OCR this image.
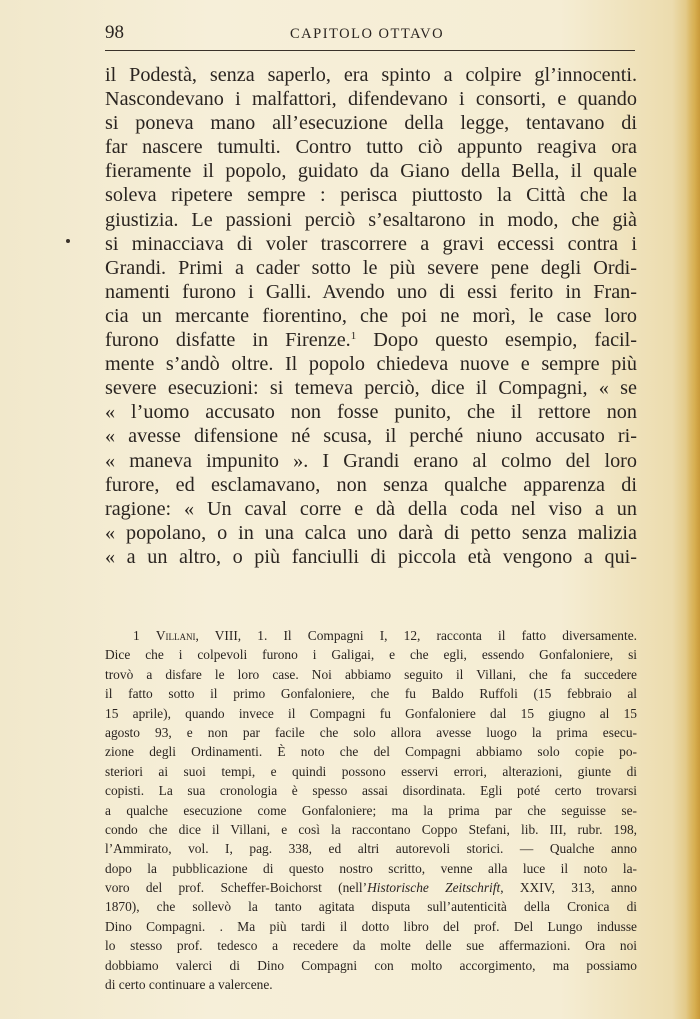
98	CAPITOLO OTTAVO
il Podestà, senza saperlo, era spinto a colpire gl’innocenti.
Nascondevano i malfattori, difendevano i consorti, e quando
si poneva mano all’esecuzione della legge, tentavano di
far nascere tumulti. Contro tutto ciò appunto reagiva ora
fieramente il popolo, guidato da Giano della Bella, il quale
soleva ripetere sempre : perisca piuttosto la Città che la
giustizia. Le passioni perciò s’esaltarono in modo, che già
si minacciava di voler trascorrere a gravi eccessi contra i
Grandi. Primi a cader sotto le più severe pene degli Ordi-
namenti furono i Galli. Avendo uno di essi ferito in Fran-
cia un mercante fiorentino, che poi ne morì, le case loro
furono disfatte in Firenze.$^1$ Dopo questo esempio, facil-
mente s’andò oltre. Il popolo chiedeva nuove e sempre più
severe esecuzioni: si temeva perciò, dice il Compagni, « se
« l’uomo accusato non fosse punito, che il rettore non
« avesse difensione né scusa, il perché niuno accusato ri-
« maneva impunito ». I Grandi erano al colmo del loro
furore, ed esclamavano, non senza qualche apparenza di
ragione: « Un caval corre e dà della coda nel viso a un
« popolano, o in una calca uno darà di petto senza malizia
« a un altro, o più fanciulli di piccola età vengono a qui-
1 Villani, VIII, 1. Il Compagni I, 12, racconta il fatto diversamente.
Dice che i colpevoli furono i Galigai, e che egli, essendo Gonfaloniere, si
trovò a disfare le loro case. Noi abbiamo seguito il Villani, che fa succedere
il fatto sotto il primo Gonfaloniere, che fu Baldo Ruffoli (15 febbraio al
15 aprile), quando invece il Compagni fu Gonfaloniere dal 15 giugno al 15
agosto 93, e non par facile che solo allora avesse luogo la prima esecu-
zione degli Ordinamenti. È noto che del Compagni abbiamo solo copie po-
steriori ai suoi tempi, e quindi possono esservi errori, alterazioni, giunte di
copisti. La sua cronologia è spesso assai disordinata. Egli poté certo trovarsi
a qualche esecuzione come Gonfaloniere; ma la prima par che seguisse se-
condo che dice il Villani, e così la raccontano Coppo Stefani, lib. III, rubr. 198,
l’Ammirato, vol. I, pag. 338, ed altri autorevoli storici. — Qualche anno
dopo la pubblicazione di questo nostro scritto, venne alla luce il noto la-
voro del prof. Scheffer-Boichorst (nell’Historische Zeitschrift, XXIV, 313, anno
1870), che sollevò la tanto agitata disputa sull’autenticità della Cronica di
Dino Compagni. . Ma più tardi il dotto libro del prof. Del Lungo indusse
lo stesso prof. tedesco a recedere da molte delle sue affermazioni. Ora noi
dobbiamo valerci di Dino Compagni con molto accorgimento, ma possiamo
di certo continuare a valercene.
